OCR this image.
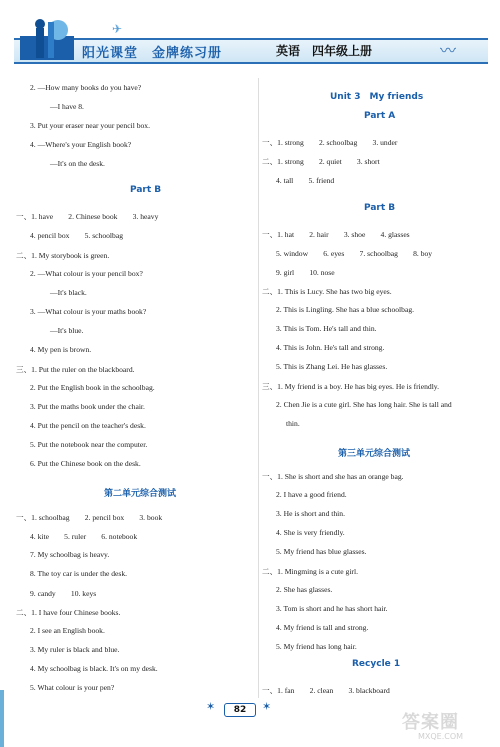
✈
阳光课堂　金牌练习册	英语　四年级上册	〰︎
2. —How many books do you have?
—I have 8.
3. Put your eraser near your pencil box.
4. —Where's your English book?
—It's on the desk.
一、1. have　　2. Chinese book　　3. heavy
4. pencil box　　5. schoolbag
二、1. My storybook is green.
2. —What colour is your pencil box?
—It's black.
3. —What colour is your maths book?
—It's blue.
4. My pen is brown.
三、1. Put the ruler on the blackboard.
2. Put the English book in the schoolbag.
3. Put the maths book under the chair.
4. Put the pencil on the teacher's desk.
5. Put the notebook near the computer.
6. Put the Chinese book on the desk.
一、1. schoolbag　　2. pencil box　　3. book
4. kite　　5. ruler　　6. notebook
7. My schoolbag is heavy.
8. The toy car is under the desk.
9. candy　　10. keys
二、1. I have four Chinese books.
2. I see an English book.
3. My ruler is black and blue.
4. My schoolbag is black. It's on my desk.
5. What colour is your pen?
Part B
第二单元综合测试
一、1. strong　　2. schoolbag　　3. under
二、1. strong　　2. quiet　　3. short
4. tall　　5. friend
一、1. hat　　2. hair　　3. shoe　　4. glasses
5. window　　6. eyes　　7. schoolbag　　8. boy
9. girl　　10. nose
二、1. This is Lucy. She has two big eyes.
2. This is Lingling. She has a blue schoolbag.
3. This is Tom. He's tall and thin.
4. This is John. He's tall and strong.
5. This is Zhang Lei. He has glasses.
三、1. My friend is a boy. He has big eyes. He is friendly.
2. Chen Jie is a cute girl. She has long hair. She is tall and
thin.
一、1. She is short and she has an orange bag.
2. I have a good friend.
3. He is short and thin.
4. She is very friendly.
5. My friend has blue glasses.
二、1. Mingming is a cute girl.
2. She has glasses.
3. Tom is short and he has short hair.
4. My friend is tall and strong.
5. My friend has long hair.
一、1. fan　　2. clean　　3. blackboard
Unit 3　My friends
Part A
Part B
第三单元综合测试
Recycle 1
✶	82	✶
答案圈
MXQE.COM
